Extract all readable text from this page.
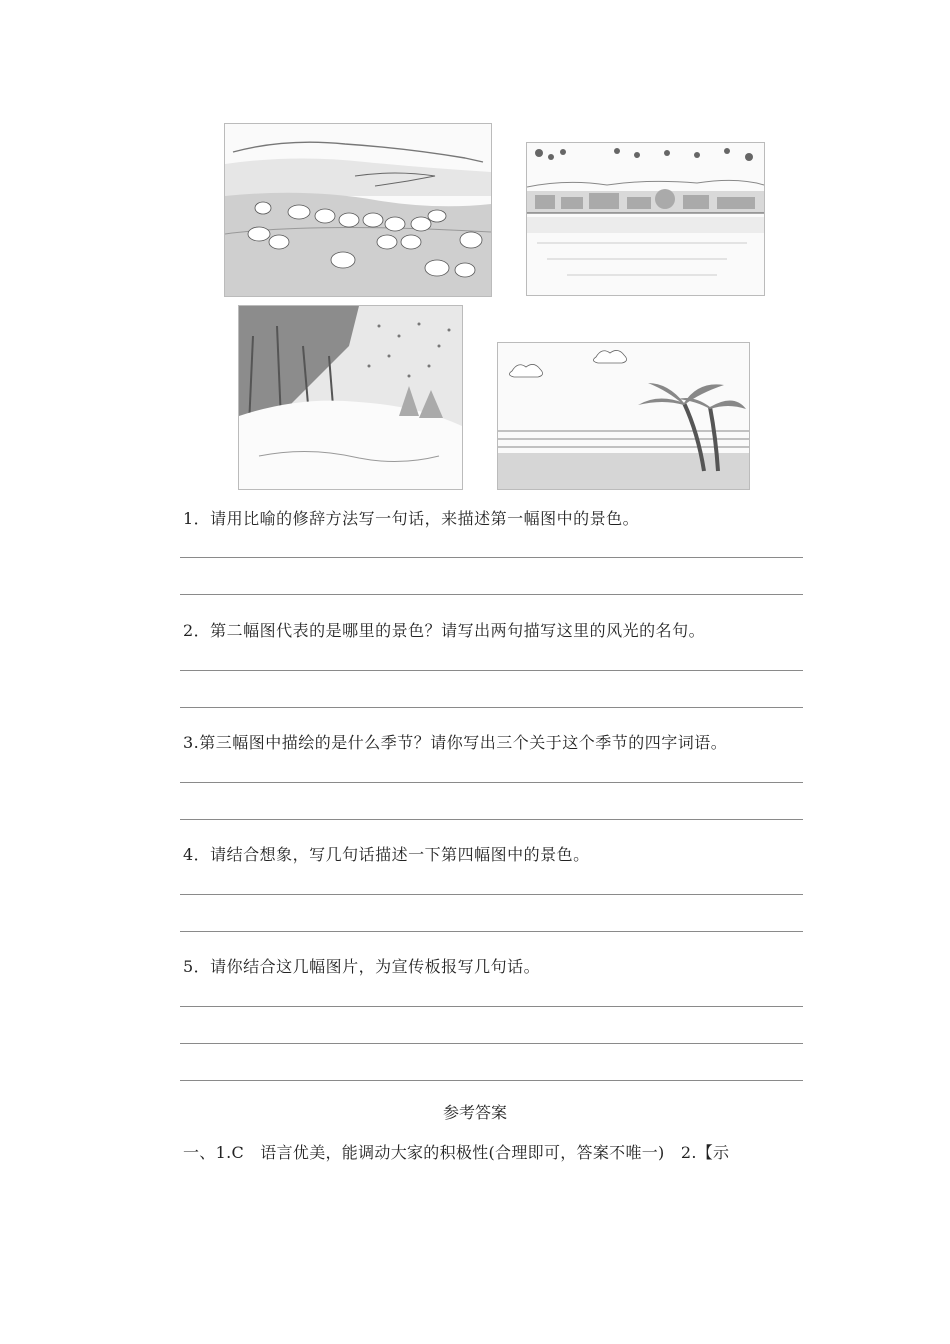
1．请用比喻的修辞方法写一句话，来描述第一幅图中的景色。
2．第二幅图代表的是哪里的景色？请写出两句描写这里的风光的名句。
3.第三幅图中描绘的是什么季节？请你写出三个关于这个季节的四字词语。
4．请结合想象，写几句话描述一下第四幅图中的景色。
5．请你结合这几幅图片，为宣传板报写几句话。
参考答案
一、1.C　语言优美，能调动大家的积极性(合理即可，答案不唯一)　2.【示
